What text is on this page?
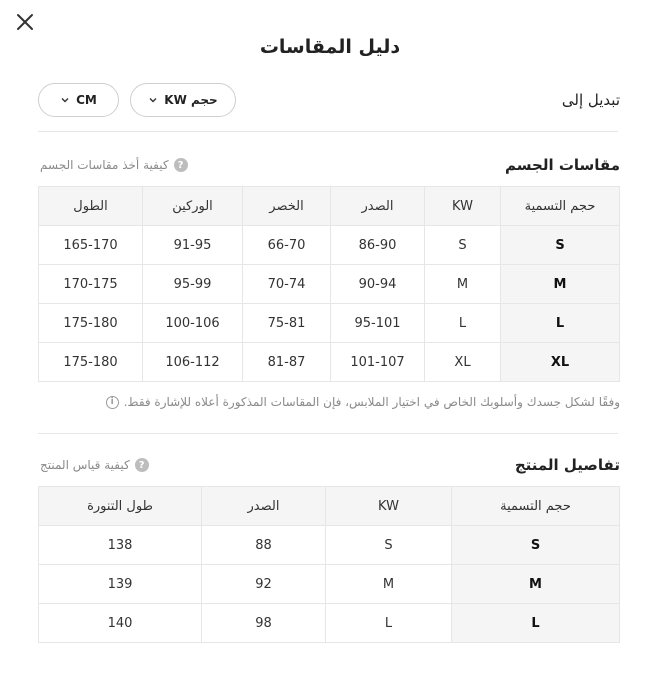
دليل المقاسات
تبديل إلى
KW حجم
CM
مقاسات الجسم
?
كيفية أخذ مقاسات الجسم
حجم التسمية	KW	الصدر	الخصر	الوركين	الطول
S	S	86-90	66-70	91-95	165-170
M	M	90-94	70-74	95-99	170-175
L	L	95-101	75-81	100-106	175-180
XL	XL	101-107	81-87	106-112	175-180
وفقًا لشكل جسدك وأسلوبك الخاص في اختيار الملابس، فإن المقاسات المذكورة أعلاه للإشارة فقط.
i
تفاصيل المنتج
?
كيفية قياس المنتج
حجم التسمية	KW	الصدر	طول التنورة
S	S	88	138
M	M	92	139
L	L	98	140
